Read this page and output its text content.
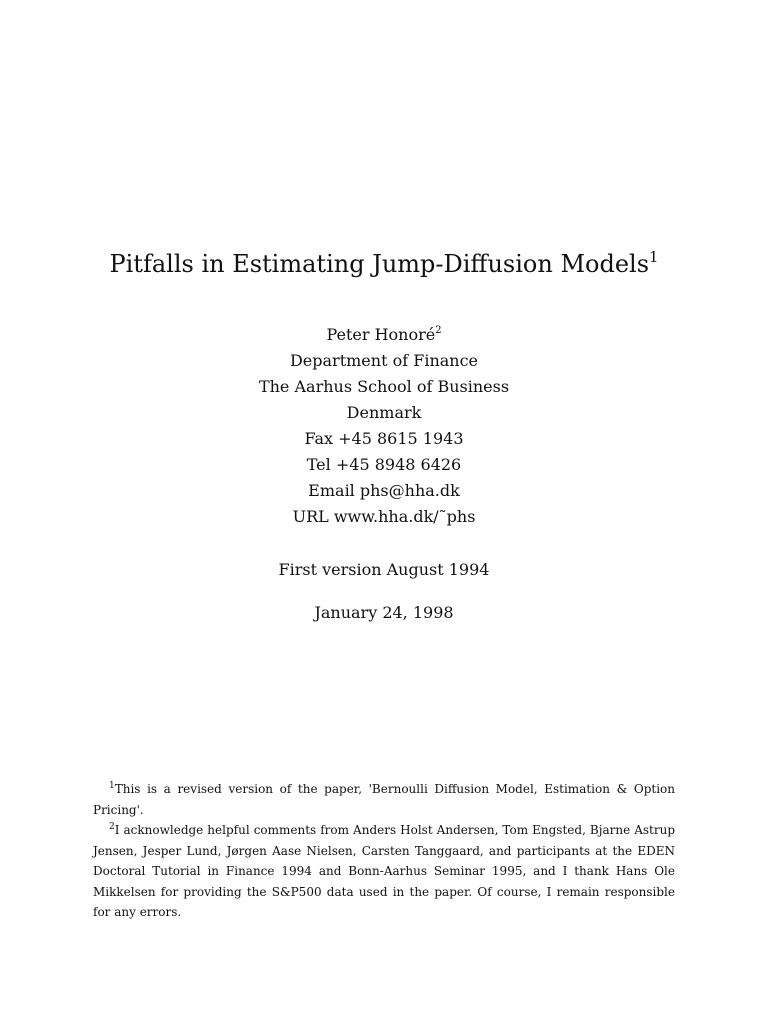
Pitfalls in Estimating Jump-Diffusion Models$^1$
Peter Honoré$^2$
Department of Finance
The Aarhus School of Business
Denmark
Fax +45 8615 1943
Tel +45 8948 6426
Email phs@hha.dk
URL www.hha.dk/˜phs
First version August 1994
January 24, 1998

$^1$This is a revised version of the paper, 'Bernoulli Diffusion Model, Estimation & Option Pricing'.

$^2$I acknowledge helpful comments from Anders Holst Andersen, Tom Engsted, Bjarne Astrup Jensen, Jesper Lund, Jørgen Aase Nielsen, Carsten Tanggaard, and participants at the EDEN Doctoral Tutorial in Finance 1994 and Bonn-Aarhus Seminar 1995, and I thank Hans Ole Mikkelsen for providing the S&P500 data used in the paper. Of course, I remain responsible for any errors.
